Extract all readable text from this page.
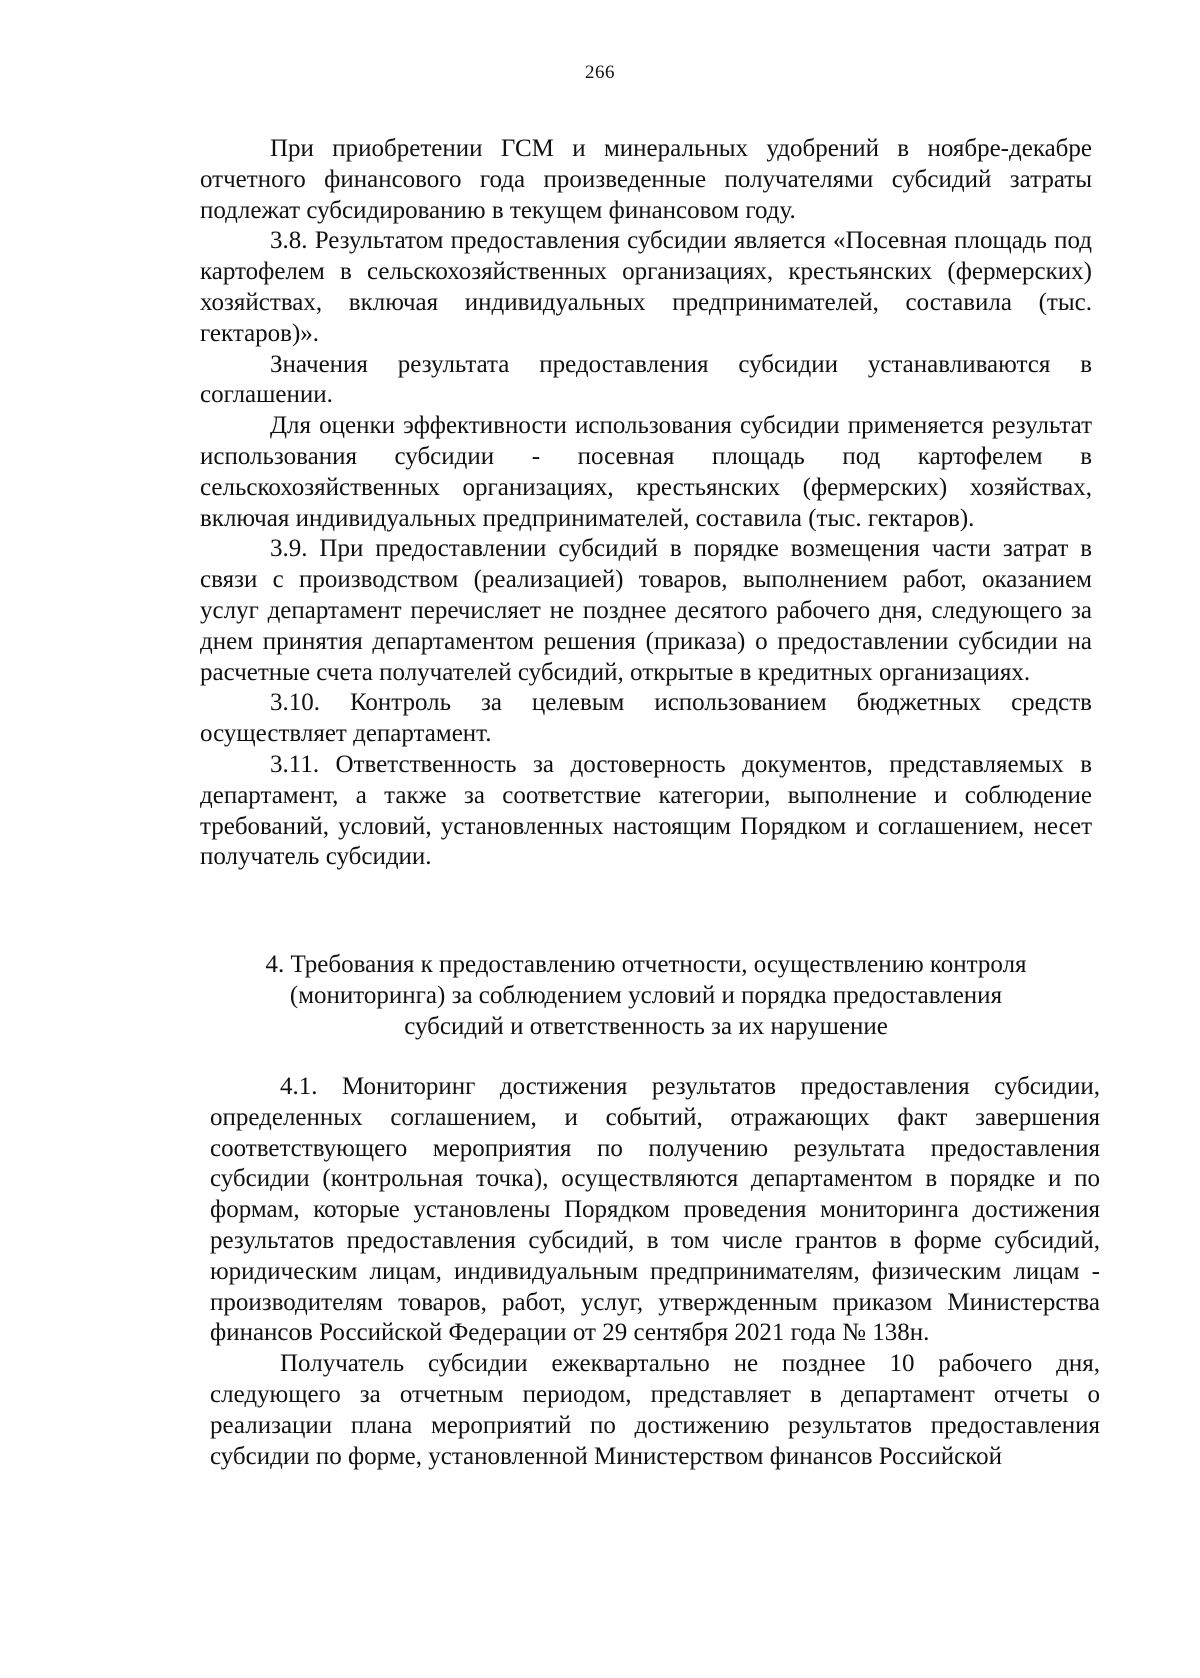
266

При приобретении ГСМ и минеральных удобрений в ноябре-декабре отчетного финансового года произведенные получателями субсидий затраты подлежат субсидированию в текущем финансовом году.

3.8. Результатом предоставления субсидии является «Посевная площадь под картофелем в сельскохозяйственных организациях, крестьянских (фермерских) хозяйствах, включая индивидуальных предпринимателей, составила (тыс. гектаров)».

Значения результата предоставления субсидии устанавливаются в соглашении.

Для оценки эффективности использования субсидии применяется результат использования субсидии - посевная площадь под картофелем в сельскохозяйственных организациях, крестьянских (фермерских) хозяйствах, включая индивидуальных предпринимателей, составила (тыс. гектаров).

3.9. При предоставлении субсидий в порядке возмещения части затрат в связи с производством (реализацией) товаров, выполнением работ, оказанием услуг департамент перечисляет не позднее десятого рабочего дня, следующего за днем принятия департаментом решения (приказа) о предоставлении субсидии на расчетные счета получателей субсидий, открытые в кредитных организациях.

3.10. Контроль за целевым использованием бюджетных средств осуществляет департамент.

3.11. Ответственность за достоверность документов, представляемых в департамент, а также за соответствие категории, выполнение и соблюдение требований, условий, установленных настоящим Порядком и соглашением, несет получатель субсидии.

4. Требования к предоставлению отчетности, осуществлению контроля
(мониторинга) за соблюдением условий и порядка предоставления
субсидий и ответственность за их нарушение

4.1. Мониторинг достижения результатов предоставления субсидии, определенных соглашением, и событий, отражающих факт завершения соответствующего мероприятия по получению результата предоставления субсидии (контрольная точка), осуществляются департаментом в порядке и по формам, которые установлены Порядком проведения мониторинга достижения результатов предоставления субсидий, в том числе грантов в форме субсидий, юридическим лицам, индивидуальным предпринимателям, физическим лицам - производителям товаров, работ, услуг, утвержденным приказом Министерства финансов Российской Федерации от 29 сентября 2021 года № 138н.

Получатель субсидии ежеквартально не позднее 10 рабочего дня, следующего за отчетным периодом, представляет в департамент отчеты о реализации плана мероприятий по достижению результатов предоставления субсидии по форме, установленной Министерством финансов Российской
